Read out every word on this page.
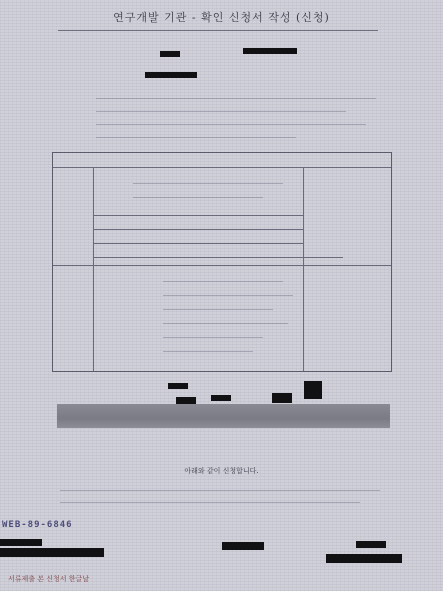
연구개발 기관 - 확인 신청서 작성 (신청)
아래와 같이 신청합니다.
WEB-89-6846
서류제출 본 신청서 한글날
